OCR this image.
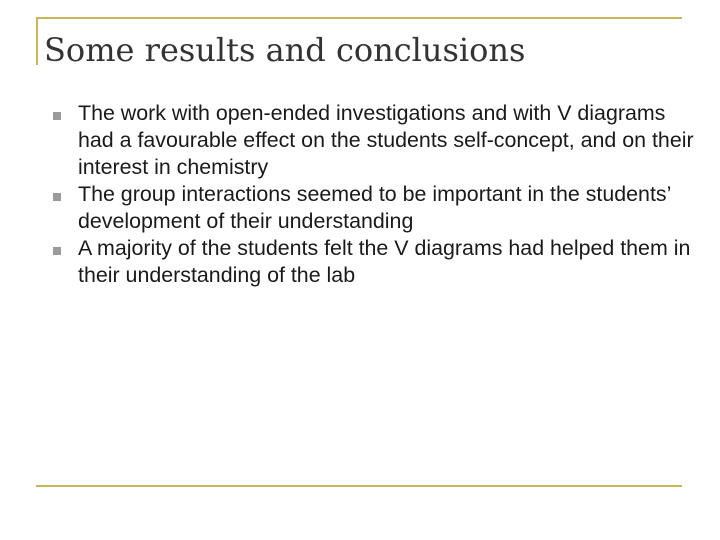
Some results and conclusions
The work with open-ended investigations and with V diagrams had a favourable effect on the students self-concept, and on their interest in chemistry
The group interactions seemed to be important in the students’ development of their understanding
A majority of the students felt the V diagrams had helped them in their understanding of the lab
